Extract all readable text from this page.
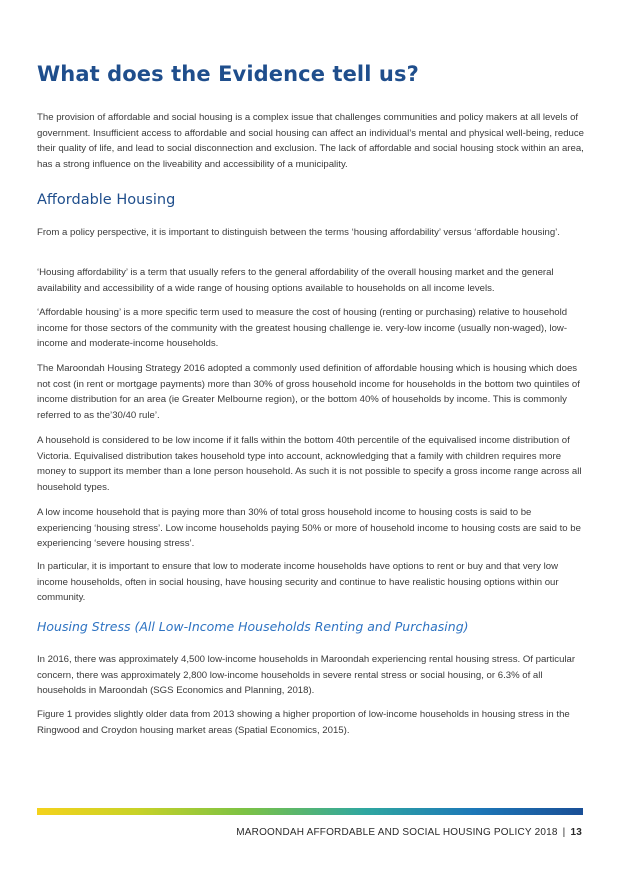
What does the Evidence tell us?

The provision of affordable and social housing is a complex issue that challenges communities and policy makers at all levels of government. Insufficient access to affordable and social housing can affect an individual’s mental and physical well-being, reduce their quality of life, and lead to social disconnection and exclusion. The lack of affordable and social housing stock within an area, has a strong influence on the liveability and accessibility of a municipality.

Affordable Housing

From a policy perspective, it is important to distinguish between the terms ‘housing affordability’ versus ‘affordable housing’.

‘Housing affordability’ is a term that usually refers to the general affordability of the overall housing market and the general availability and accessibility of a wide range of housing options available to households on all income levels.

‘Affordable housing’ is a more specific term used to measure the cost of housing (renting or purchasing) relative to household income for those sectors of the community with the greatest housing challenge ie. very-low income (usually non-waged), low-income and moderate-income households.

The Maroondah Housing Strategy 2016 adopted a commonly used definition of affordable housing which is housing which does not cost (in rent or mortgage payments) more than 30% of gross household income for households in the bottom two quintiles of income distribution for an area (ie Greater Melbourne region), or the bottom 40% of households by income. This is commonly referred to as the’30/40 rule’.

A household is considered to be low income if it falls within the bottom 40th percentile of the equivalised income distribution of Victoria. Equivalised distribution takes household type into account, acknowledging that a family with children requires more money to support its member than a lone person household. As such it is not possible to specify a gross income range across all household types.

A low income household that is paying more than 30% of total gross household income to housing costs is said to be experiencing ‘housing stress’. Low income households paying 50% or more of household income to housing costs are said to be experiencing ‘severe housing stress’.

In particular, it is important to ensure that low to moderate income households have options to rent or buy and that very low income households, often in social housing, have housing security and continue to have realistic housing options within our community.

Housing Stress (All Low-Income Households Renting and Purchasing)

In 2016, there was approximately 4,500 low-income households in Maroondah experiencing rental housing stress. Of particular concern, there was approximately 2,800 low-income households in severe rental stress or social housing, or 6.3% of all households in Maroondah (SGS Economics and Planning, 2018).

Figure 1 provides slightly older data from 2013 showing a higher proportion of low-income households in housing stress in the Ringwood and Croydon housing market areas (Spatial Economics, 2015).

MAROONDAH AFFORDABLE AND SOCIAL HOUSING POLICY 2018 | 13
